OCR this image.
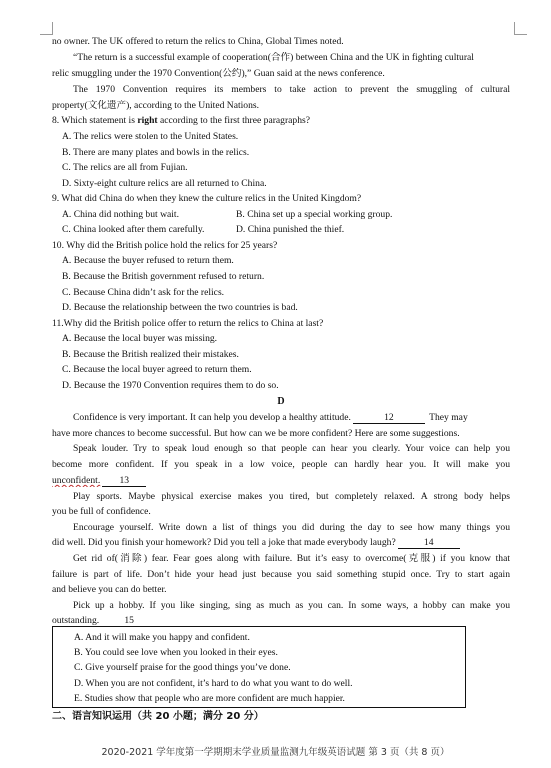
no owner. The UK offered to return the relics to China, Global Times noted.
“The return is a successful example of cooperation(合作) between China and the UK in fighting cultural
relic smuggling under the 1970 Convention(公约),” Guan said at the news conference.
The 1970 Convention requires its members to take action to prevent the smuggling of cultural
property(文化遗产), according to the United Nations.
8. Which statement is right according to the first three paragraphs?
A. The relics were stolen to the United States.
B. There are many plates and bowls in the relics.
C. The relics are all from Fujian.
D. Sixty-eight culture relics are all returned to China.
9. What did China do when they knew the culture relics in the United Kingdom?
A. China did nothing but wait.	B. China set up a special working group.
C. China looked after them carefully.	D. China punished the thief.
10. Why did the British police hold the relics for 25 years?
A. Because the buyer refused to return them.
B. Because the British government refused to return.
C. Because China didn’t ask for the relics.
D. Because the relationship between the two countries is bad.
11.Why did the British police offer to return the relics to China at last?
A. Because the local buyer was missing.
B. Because the British realized their mistakes.
C. Because the local buyer agreed to return them.
D. Because the 1970 Convention requires them to do so.
D
Confidence is very important. It can help you develop a healthy attitude.	12	They may
have more chances to become successful. But how can we be more confident? Here are some suggestions.
Speak louder. Try to speak loud enough so that people can hear you clearly. Your voice can help you
become more confident. If you speak in a low voice, people can hardly hear you. It will make you
unconfident. 13
Play sports. Maybe physical exercise makes you tired, but completely relaxed. A strong body helps
you be full of confidence.
Encourage yourself. Write down a list of things you did during the day to see how many things you
did well. Did you finish your homework? Did you tell a joke that made everybody laugh?	14
Get rid of(消除) fear. Fear goes along with failure. But it’s easy to overcome(克服) if you know that
failure is part of life. Don’t hide your head just because you said something stupid once. Try to start again
and believe you can do better.
Pick up a hobby. If you like singing, sing as much as you can. In some ways, a hobby can make you
outstanding.	15
A. And it will make you happy and confident.
B. You could see love when you looked in their eyes.
C. Give yourself praise for the good things you’ve done.
D. When you are not confident, it’s hard to do what you want to do well.
E. Studies show that people who are more confident are much happier.
二、语言知识运用（共 20 小题；满分 20 分）
2020-2021 学年度第一学期期末学业质量监测九年级英语试题 第 3 页（共 8 页）
